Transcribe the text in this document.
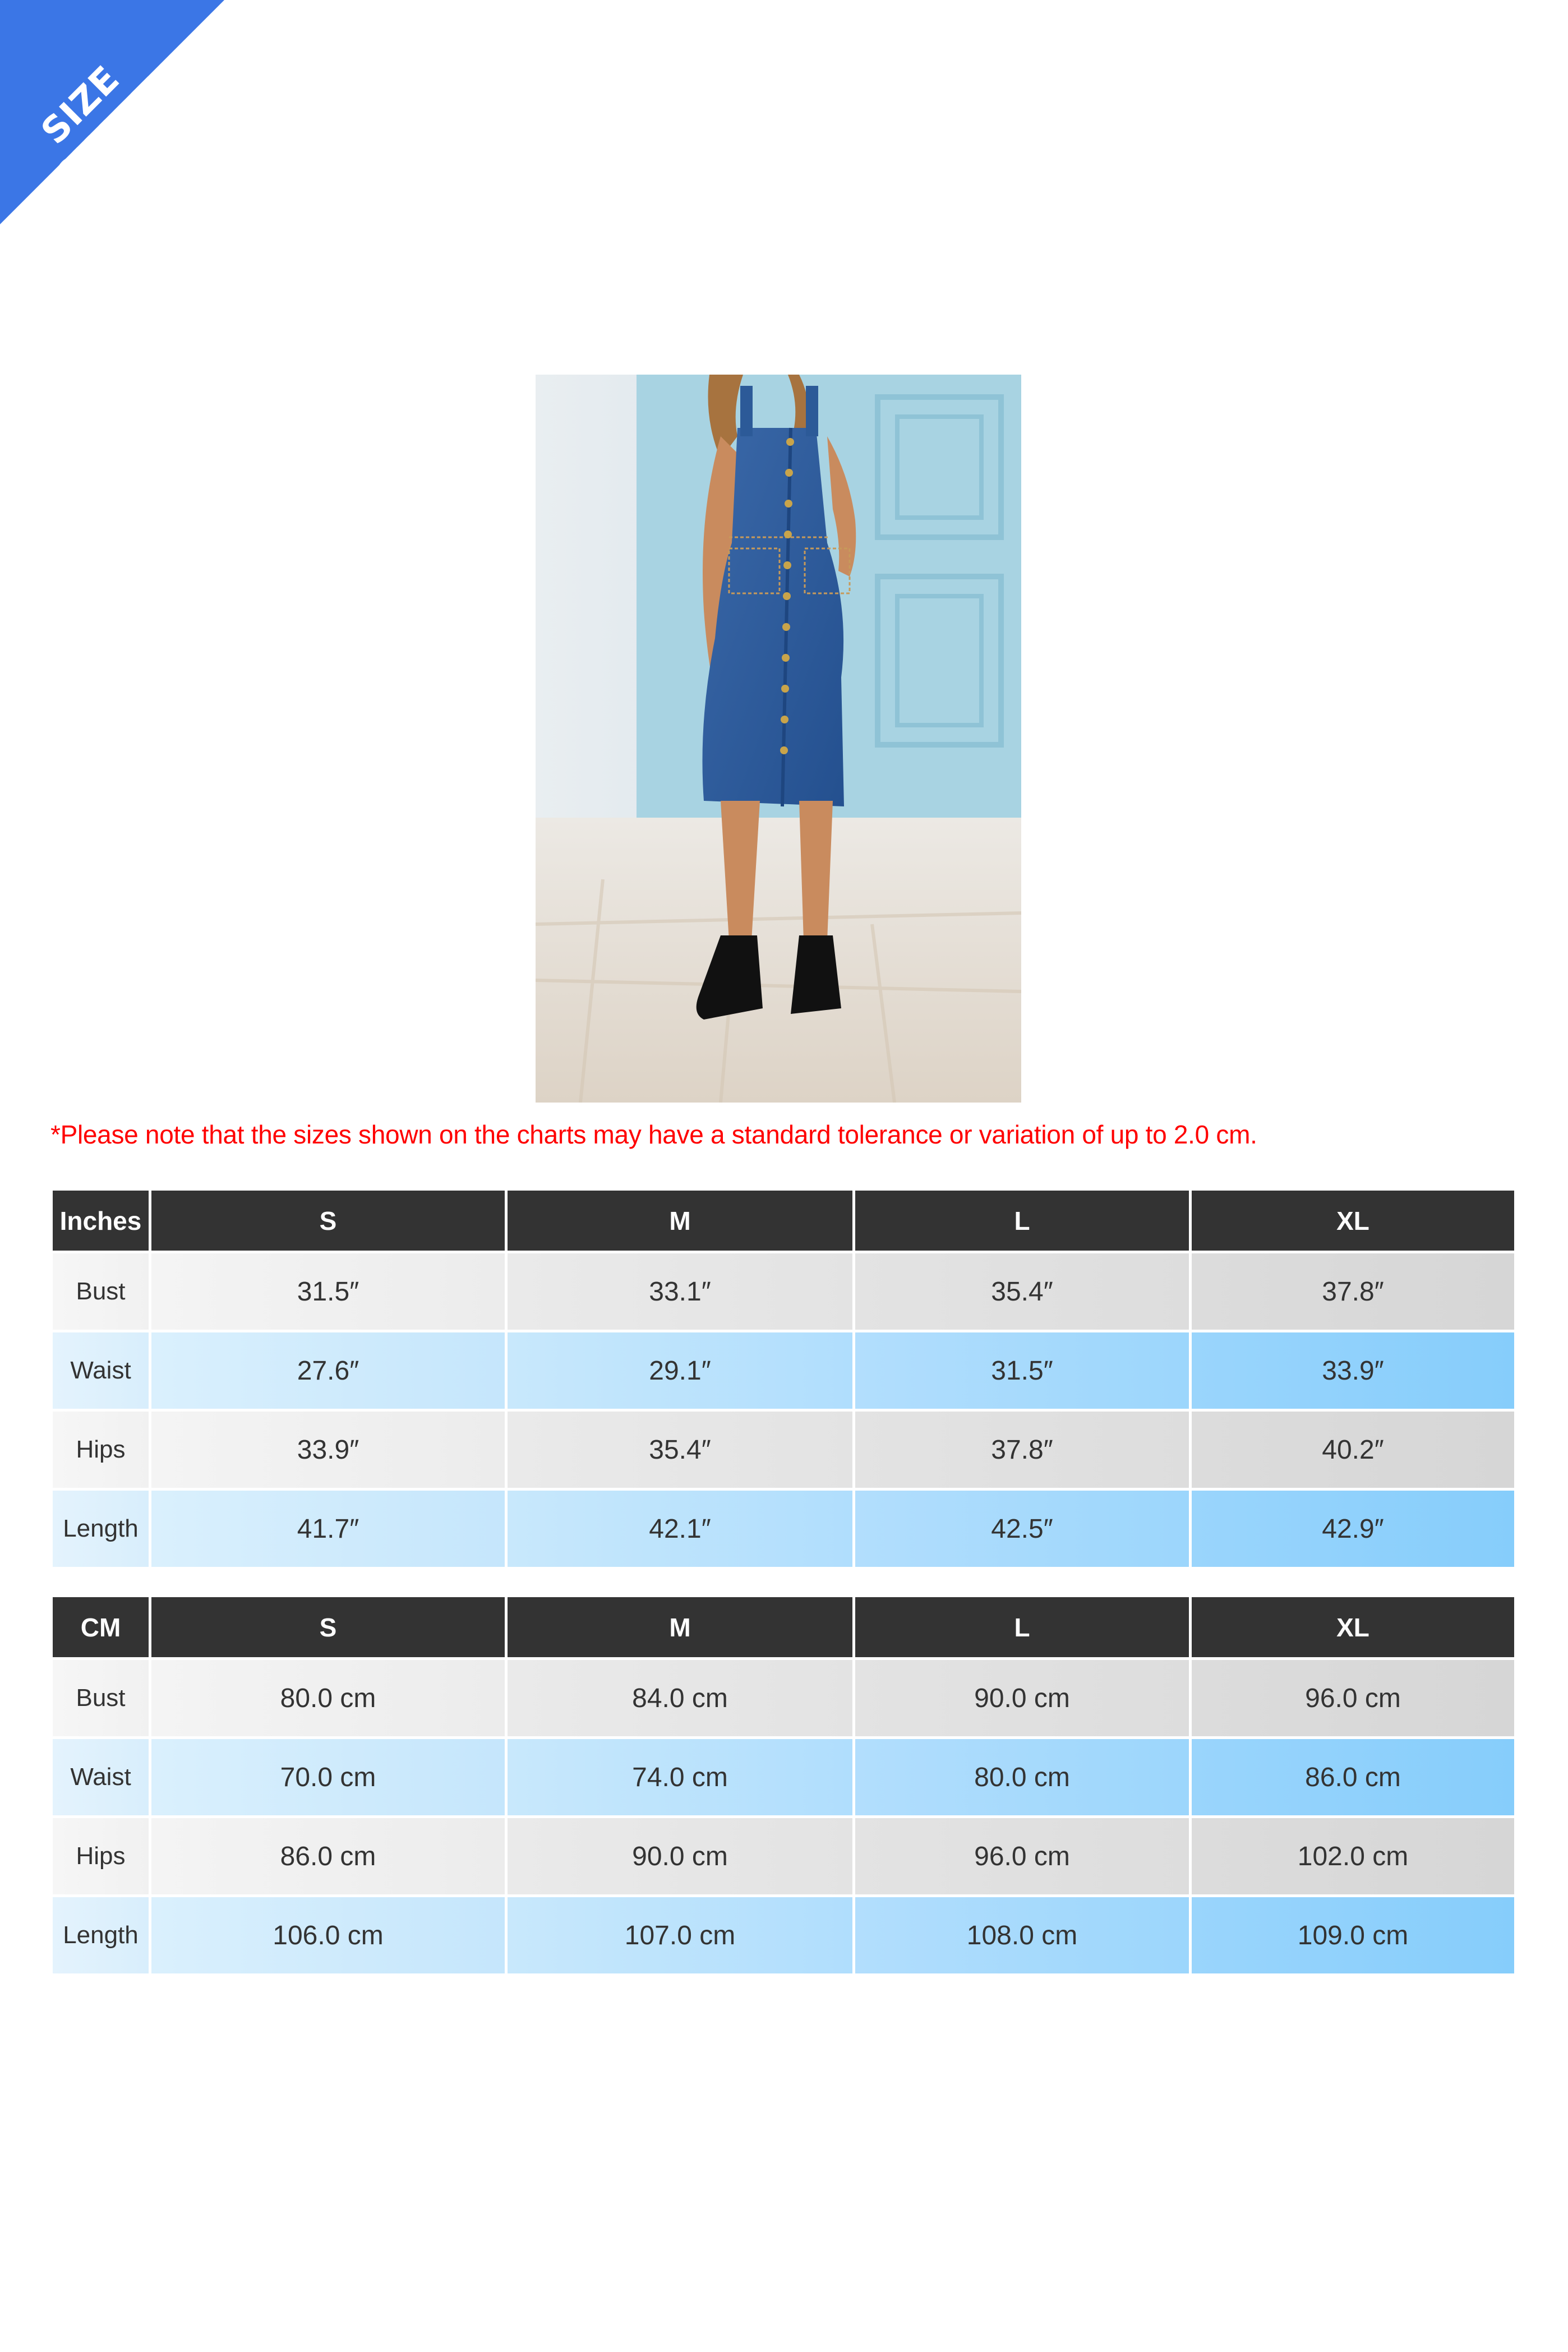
SIZE CHART
*Please note that the sizes shown on the charts may have a standard tolerance or variation of up to 2.0 cm.
Inches	S	M	L	XL
Bust	31.5″	33.1″	35.4″	37.8″
Waist	27.6″	29.1″	31.5″	33.9″
Hips	33.9″	35.4″	37.8″	40.2″
Length	41.7″	42.1″	42.5″	42.9″
CM	S	M	L	XL
Bust	80.0 cm	84.0 cm	90.0 cm	96.0 cm
Waist	70.0 cm	74.0 cm	80.0 cm	86.0 cm
Hips	86.0 cm	90.0 cm	96.0 cm	102.0 cm
Length	106.0 cm	107.0 cm	108.0 cm	109.0 cm
